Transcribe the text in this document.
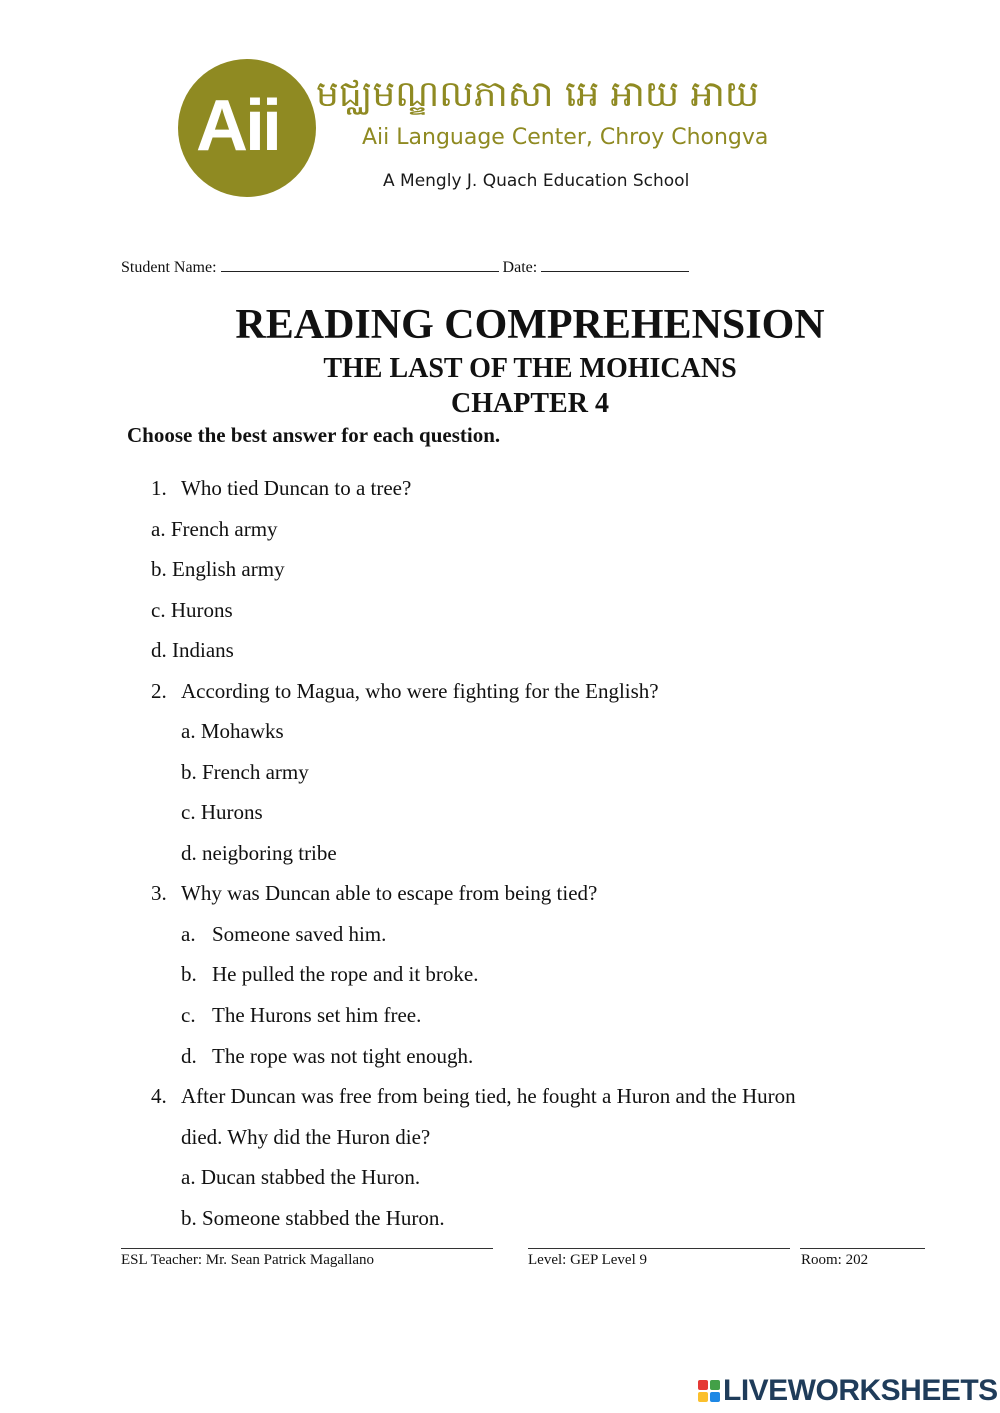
Aii មជ្ឈមណ្ឌលភាសា អេ អាយ អាយ
Aii Language Center, Chroy Chongva
A Mengly J. Quach Education School
Student Name:	Date:
READING COMPREHENSION
THE LAST OF THE MOHICANS
CHAPTER 4
Choose the best answer for each question.
1. Who tied Duncan to a tree?
a. French army
b. English army
c. Hurons
d. Indians
2. According to Magua, who were fighting for the English?
a. Mohawks
b. French army
c. Hurons
d. neigboring tribe
3. Why was Duncan able to escape from being tied?
a. Someone saved him.
b. He pulled the rope and it broke.
c. The Hurons set him free.
d. The rope was not tight enough.
4. After Duncan was free from being tied, he fought a Huron and the Huron
died. Why did the Huron die?
a. Ducan stabbed the Huron.
b. Someone stabbed the Huron.
ESL Teacher: Mr. Sean Patrick Magallano	Level: GEP Level 9	Room: 202
LIVEWORKSHEETS
